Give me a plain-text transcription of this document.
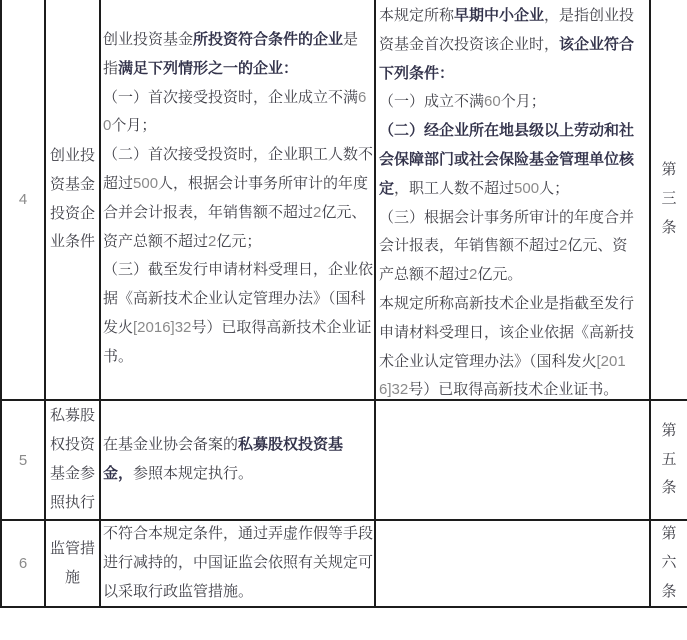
4
创业投资基金投资企业条件

创业投资基金所投资符合条件的企业是指满足下列情形之一的企业：

（一）首次接受投资时，企业成立不满60个月；

（二）首次接受投资时，企业职工人数不超过500人，根据会计事务所审计的年度合并会计报表，年销售额不超过2亿元、资产总额不超过2亿元；

（三）截至发行申请材料受理日，企业依据《高新技术企业认定管理办法》（国科发火[2016]32号）已取得高新技术企业证书。

本规定所称早期中小企业，是指创业投资基金首次投资该企业时，该企业符合下列条件：

（一）成立不满60个月；

（二）经企业所在地县级以上劳动和社会保障部门或社会保险基金管理单位核定，职工人数不超过500人；

（三）根据会计事务所审计的年度合并会计报表，年销售额不超过2亿元、资产总额不超过2亿元。

本规定所称高新技术企业是指截至发行申请材料受理日，该企业依据《高新技术企业认定管理办法》（国科发火[2016]32号）已取得高新技术企业证书。

第三条
5
私募股权投资基金参照执行

在基金业协会备案的私募股权投资基金，参照本规定执行。

第五条
6
监管措施

不符合本规定条件，通过弄虚作假等手段进行减持的，中国证监会依照有关规定可以采取行政监管措施。

第六条
